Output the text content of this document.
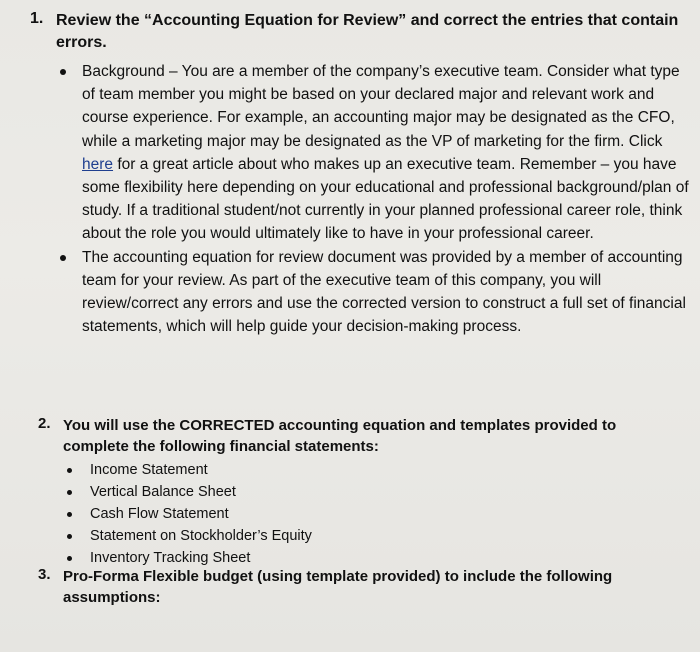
1. Review the “Accounting Equation for Review” and correct the entries that contain errors.
Background – You are a member of the company’s executive team. Consider what type of team member you might be based on your declared major and relevant work and course experience. For example, an accounting major may be designated as the CFO, while a marketing major may be designated as the VP of marketing for the firm. Click here for a great article about who makes up an executive team. Remember – you have some flexibility here depending on your educational and professional background/plan of study. If a traditional student/not currently in your planned professional career role, think about the role you would ultimately like to have in your professional career.
The accounting equation for review document was provided by a member of accounting team for your review. As part of the executive team of this company, you will review/correct any errors and use the corrected version to construct a full set of financial statements, which will help guide your decision-making process.
2. You will use the CORRECTED accounting equation and templates provided to complete the following financial statements:
Income Statement
Vertical Balance Sheet
Cash Flow Statement
Statement on Stockholder’s Equity
Inventory Tracking Sheet
3. Pro-Forma Flexible budget (using template provided) to include the following assumptions:
